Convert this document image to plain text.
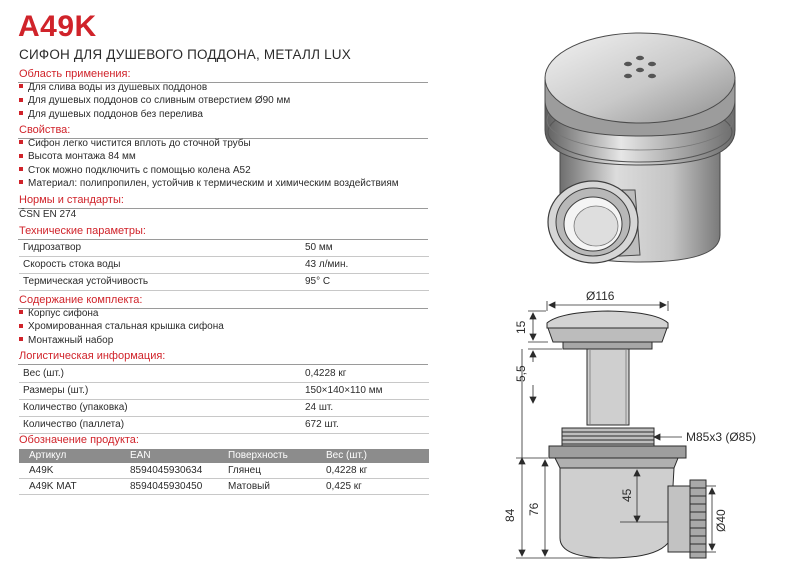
A49K
СИФОН ДЛЯ ДУШЕВОГО ПОДДОНА, МЕТАЛЛ LUX
Область применения:
Для слива воды из душевых поддонов
Для душевых поддонов со сливным отверстием Ø90 мм
Для душевых поддонов без перелива
Свойства:
Сифон легко чистится вплоть до сточной трубы
Высота монтажа 84 мм
Сток можно подключить с помощью колена А52
Материал: полипропилен, устойчив к термическим и химическим воздействиям
Нормы и стандарты:
ČSN EN 274
Технические параметры:
Гидрозатвор	50 мм
Скорость стока воды	43 л/мин.
Термическая устойчивость	95° C
Содержание комплекта:
Корпус сифона
Хромированная стальная крышка сифона
Монтажный набор
Логистическая информация:
Вес (шт.)	0,4228 кг
Размеры (шт.)	150×140×110 мм
Количество (упаковка)	24 шт.
Количество (паллета)	672 шт.
Обозначение продукта:
Артикул	EAN	Поверхность	Вес (шт.)
A49K	8594045930634	Глянец	0,4228 кг
A49K MAT	8594045930450	Матовый	0,425 кг
Ø116
15
5,5
M85x3 (Ø85)
84 76
45
Ø40
